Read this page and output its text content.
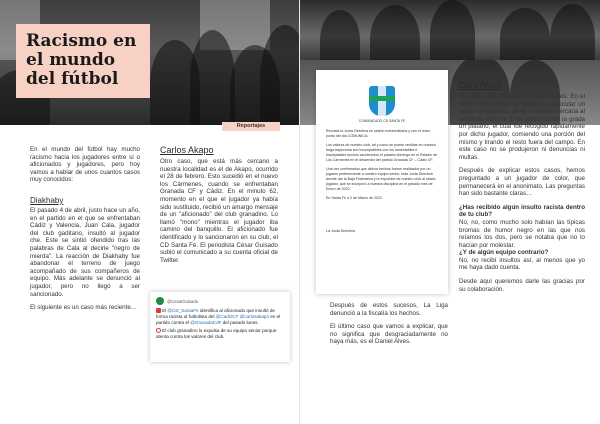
Racismo en el mundo del fútbol
Reportajes

En el mundo del fútbol hay mucho racismo hacia los jugadores entre sí o aficionados y jugadores, pero hoy vamos a hablar de unos cuantos casos muy conocidos:

Diakhaby

El pasado 4 de abril, justo hace un año, en el partido en el que se enfrentaban Cádiz y Valencia, Juan Cala, jugador del club gaditano, insultó al jugador che. Este se sintió ofendido tras las palabras de Cala al decirle "negro de mierda". La reacción de Diakhaby fue abandonar el terreno de juego acompañado de sus compañeros de equipo. Más adelante se denunció al jugador, pero no llegó a ser sancionado.

El siguiente es un caso más reciente…

Carlos Akapo

Otro caso, que está más cercano a nuestra localidad es el de Akapo, ocurrido el 28 de febrero. Esto sucedió en el nuevo los Cármenes, cuando se enfrentaban Granada CF y Cádiz. En el minuto 62, momento en el que el jugador ya había sido sustituido, recibió un amargo mensaje de un "aficionado" del club granadino. Lo llamó "mono" mientras el jugador iba camino del banquillo. El aficionado fue identificado y lo sancionaron en su club, el CD Santa Fé. El periodista César Guisado subió el comunicado a su cuenta oficial de Twitter.

@CesarGuisado

El @CD_SantaFe identifica al aficionado que insultó de forma racista al futbolista del @CadizCF @carlosakapo en el partido contra el @GranadaCdF del pasado lunes.

El club granadino lo expulsa de su equipo senior porque atenta contra los valores del club.

COMUNICADO CD SANTA FE

Reunida la Junta Directiva en sesión extraordinaria y con el único punto del día COMUNICA:

Los valores de nuestro club, tal y como se puede verificar en nuestra larga trayectoria son incompatibles con los lamentables e inaceptables hechos acontecidos el pasado domingo en el Estadio de Los Cármenes en el desarrollo del partido Granada CF – Cádiz CF.

Una vez confirmados que dichos hechos fueron realizados por un jugador perteneciente a nuestro equipo sénior, esta Junta Directiva decide dar la Baja Federativa y la expulsión de nuestro club al citado jugador, que se incorporó a nuestra disciplina en el pasado mes de Enero de 2022.

En Santa Fe a 2 de Marzo de 2022

La Junta Directiva

Después de estos sucesos, La Liga denunció a la fiscalía los hechos.

El último caso que vamos a explicar, que no significa que desgraciadamente no haya más, es el Daniel Alves.

Dani Alves

En este caso hablamos de Dani Alves. En el minuto 75 cuando se disponía a ejecutar un saque de esquina, en la zona más cercana al asistente número 2, se lanzó desde la grada un plátano, el cual fue recogido rápidamente por dicho jugador, comiendo una porción del mismo y tirando el resto fuera del campo. En este caso no se produjeron ni denuncias ni multas.

Después de explicar estos casos, hemos preguntado a un jugador de color, que permanecerá en el anonimato. Las preguntas han sido bastante claras…

¿Has recibido algún insulto racista dentro de tu club?

No, no, como mucho solo habían las típicas bromas de humor negro en las que nos reíamos los dos, pero se notaba que no lo hacían por molestar.

¿Y de algún equipo contrario?

No, no recibí insultos así, al menos que yo me haya dado cuenta.

Desde aquí queremos darle las gracias por su colaboración.
